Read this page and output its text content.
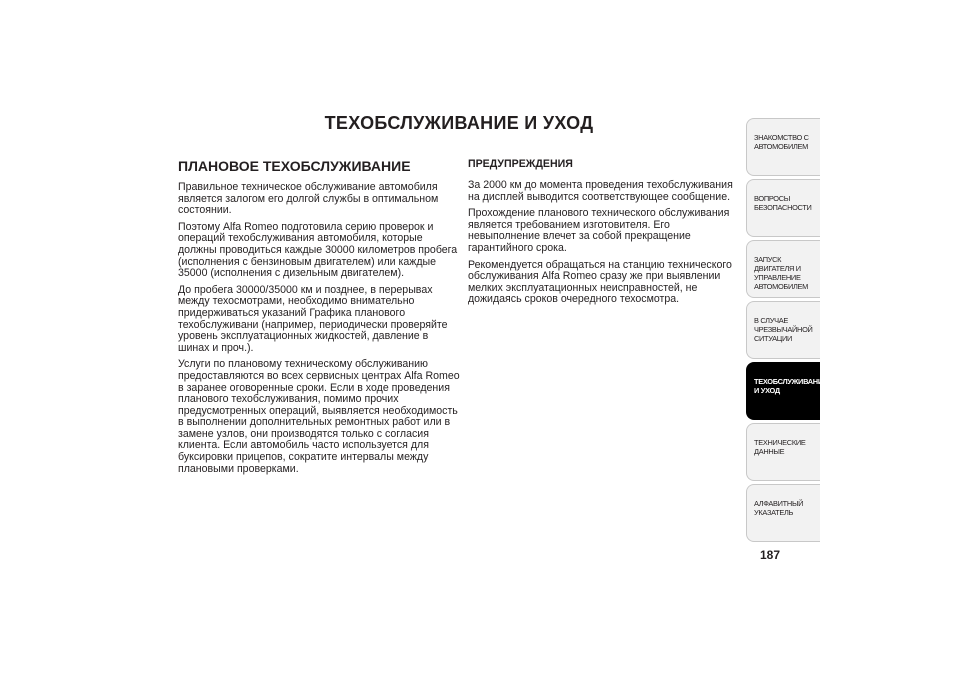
ТЕХОБСЛУЖИВАНИЕ И УХОД
ПЛАНОВОЕ ТЕХОБСЛУЖИВАНИЕ

Правильное техническое обслуживание автомобиля является залогом его долгой службы в оптимальном состоянии.

Поэтому Alfa Romeo подготовила серию проверок и операций техобслуживания автомобиля, которые должны проводиться каждые 30000 километров пробега (исполнения с бензиновым двигателем) или каждые 35000 (исполнения с дизельным двигателем).

До пробега 30000/35000 км и позднее, в перерывах между техосмотрами, необходимо внимательно придерживаться указаний Графика планового техобслуживани (например, периодически проверяйте уровень эксплуатационных жидкостей, давление в шинах и проч.).

Услуги по плановому техническому обслуживанию предоставляются во всех сервисных центрах Alfa Romeo в заранее оговоренные сроки. Если в ходе проведения планового техобслуживания, помимо прочих предусмотренных операций, выявляется необходимость в выполнении дополнительных ремонтных работ или в замене узлов, они производятся только с согласия клиента. Если автомобиль часто используется для буксировки прицепов, сократите интервалы между плановыми проверками.

ПРЕДУПРЕЖДЕНИЯ

За 2000 км до момента проведения техобслуживания на дисплей выводится соответствующее сообщение.

Прохождение планового технического обслуживания является требованием изготовителя. Его невыполнение влечет за собой прекращение гарантийного срока.

Рекомендуется обращаться на станцию технического обслуживания Alfa Romeo сразу же при выявлении мелких эксплуатационных неисправностей, не дожидаясь сроков очередного техосмотра.

ЗНАКОМСТВО С АВТОМОБИЛЕМ
ВОПРОСЫ БЕЗОПАСНОСТИ
ЗАПУСК ДВИГАТЕЛЯ И УПРАВЛЕНИЕ АВТОМОБИЛЕМ
В СЛУЧАЕ ЧРЕЗВЫЧАЙНОЙ СИТУАЦИИ
ТЕХОБСЛУЖИВАНИЕ И УХОД
ТЕХНИЧЕСКИЕ ДАННЫЕ
АЛФАВИТНЫЙ УКАЗАТЕЛЬ
187
